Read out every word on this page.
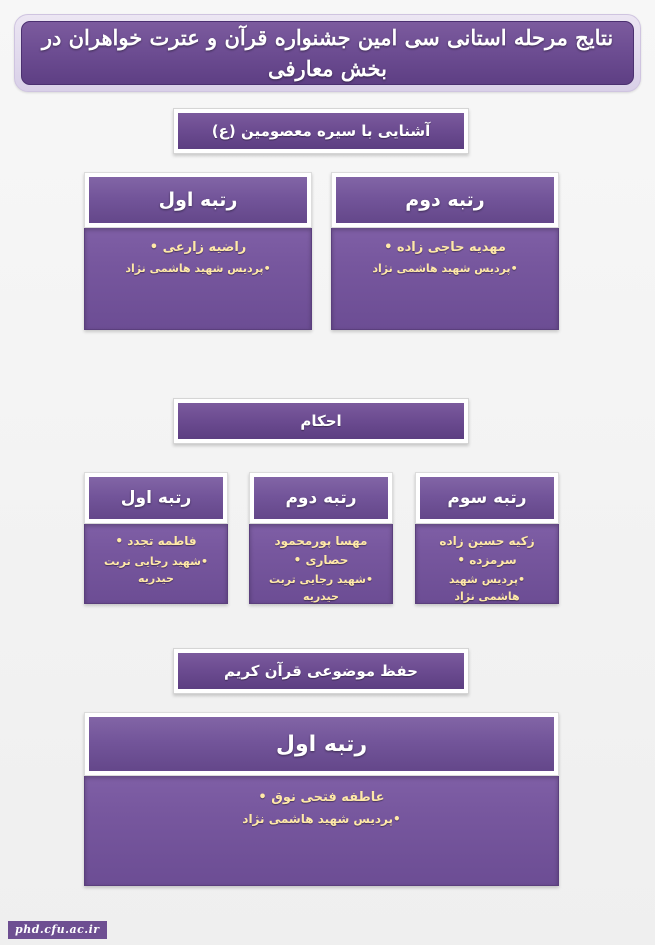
نتایج مرحله استانی سی امین جشنواره قرآن و عترت خواهران در بخش معارفی
آشنایی با سیره معصومین (ع)
رتبه اول
راضیه زارعی •
• پردیس شهید هاشمی نژاد
رتبه دوم
مهدیه حاجی زاده •
• پردیس شهید هاشمی نژاد
احکام
رتبه اول
فاطمه تجدد •
• شهید رجایی تربت حیدریه
رتبه دوم
مهسا پورمحمود حصاری •
• شهید رجایی تربت حیدریه
رتبه سوم
زکیه حسین زاده سرمزده •
• پردیس شهید هاشمی نژاد
حفظ موضوعی قرآن کریم
رتبه اول
عاطفه فتحی نوق •
• پردیس شهید هاشمی نژاد
phd.cfu.ac.ir
